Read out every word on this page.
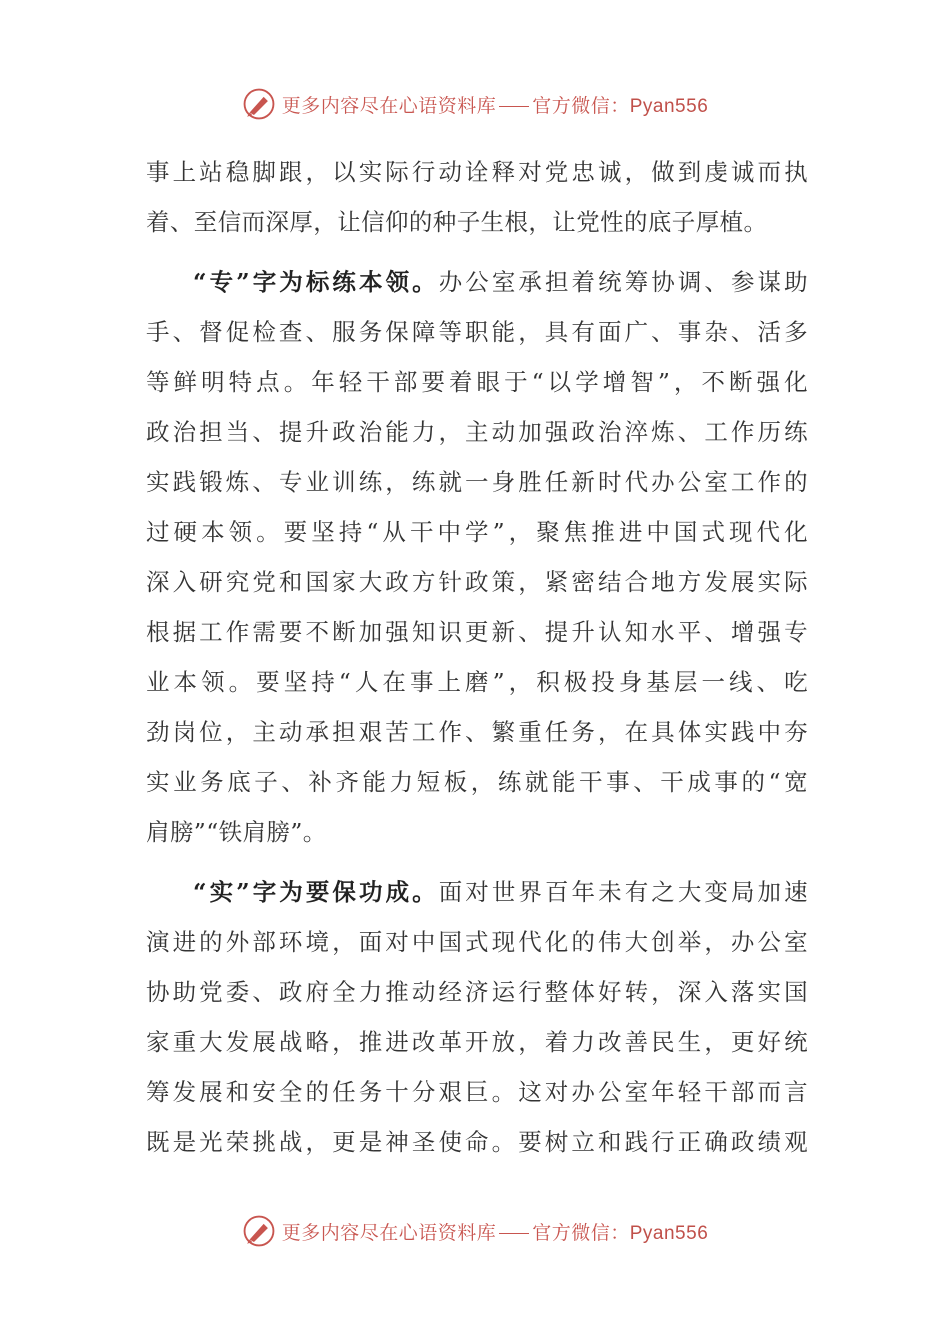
更多内容尽在心语资料库 官方微信：Pyan556
事上站稳脚跟，以实际行动诠释对党忠诚，做到虔诚而执
着、至信而深厚，让信仰的种子生根，让党性的底子厚植。
“专”字为标练本领。办公室承担着统筹协调、参谋助
手、督促检查、服务保障等职能，具有面广、事杂、活多
等鲜明特点。年轻干部要着眼于“以学增智”，不断强化
政治担当、提升政治能力，主动加强政治淬炼、工作历练
实践锻炼、专业训练，练就一身胜任新时代办公室工作的
过硬本领。要坚持“从干中学”，聚焦推进中国式现代化
深入研究党和国家大政方针政策，紧密结合地方发展实际
根据工作需要不断加强知识更新、提升认知水平、增强专
业本领。要坚持“人在事上磨”，积极投身基层一线、吃
劲岗位，主动承担艰苦工作、繁重任务，在具体实践中夯
实业务底子、补齐能力短板，练就能干事、干成事的“宽
肩膀”“铁肩膀”。
“实”字为要保功成。面对世界百年未有之大变局加速
演进的外部环境，面对中国式现代化的伟大创举，办公室
协助党委、政府全力推动经济运行整体好转，深入落实国
家重大发展战略，推进改革开放，着力改善民生，更好统
筹发展和安全的任务十分艰巨。这对办公室年轻干部而言
既是光荣挑战，更是神圣使命。要树立和践行正确政绩观
更多内容尽在心语资料库 官方微信：Pyan556
